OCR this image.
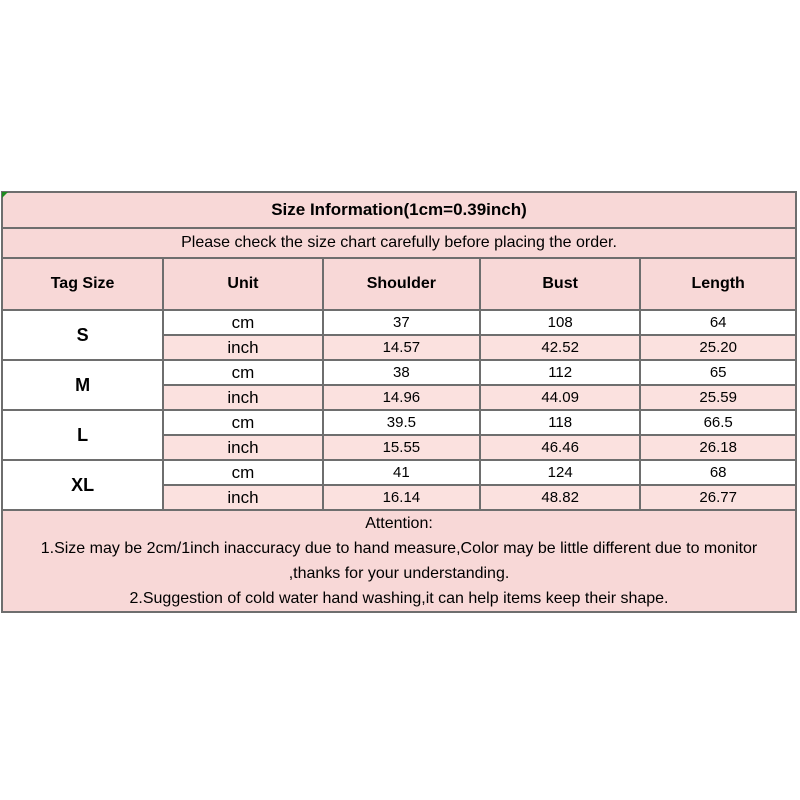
Size Information(1cm=0.39inch)				
Please check the size chart carefully before placing the order.				
Tag Size	Unit	Shoulder	Bust	Length
S	cm	37	108	64
	inch	14.57	42.52	25.20
M	cm	38	112	65
	inch	14.96	44.09	25.59
L	cm	39.5	118	66.5
	inch	15.55	46.46	26.18
XL	cm	41	124	68
	inch	16.14	48.82	26.77

Attention:
1.Size may be 2cm/1inch inaccuracy due to hand measure,Color may be little different due to monitor
,thanks for your understanding.
2.Suggestion of cold water hand washing,it can help items keep their shape.				
